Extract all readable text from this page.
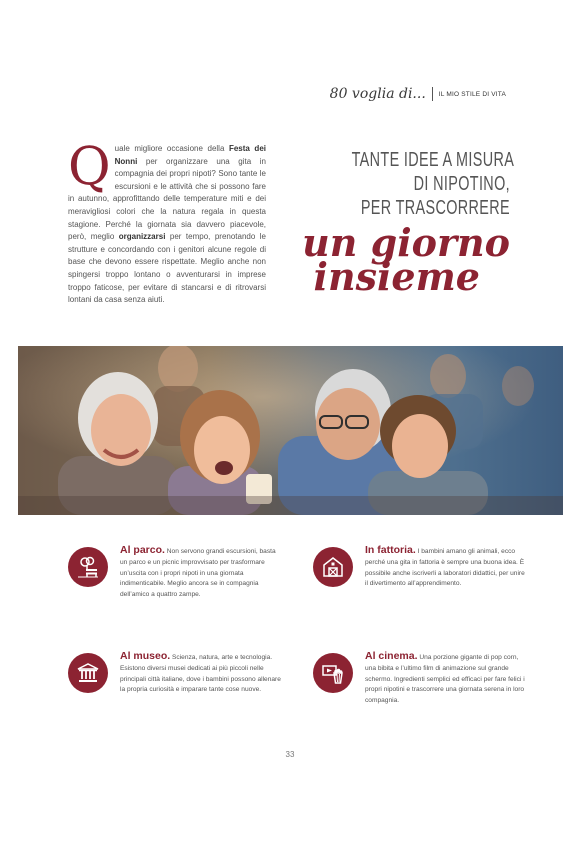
80 voglia di... IL MIO STILE DI VITA
Quale migliore occasione della Festa dei Nonni per organizzare una gita in compagnia dei propri nipoti? Sono tante le escursioni e le attività che si possono fare in autunno, approfittando delle temperature miti e dei meravigliosi colori che la natura regala in questa stagione. Perché la giornata sia davvero piacevole, però, meglio organizzarsi per tempo, prenotando le strutture e concordando con i genitori alcune regole di base che devono essere rispettate. Meglio anche non spingersi troppo lontano o avventurarsi in imprese troppo faticose, per evitare di stancarsi e di ritrovarsi lontani da casa senza aiuti.
TANTE IDEE A MISURA
DI NIPOTINO,
PER TRASCORRERE
un giorno
insieme
Al parco. Non servono grandi escursioni, basta un parco e un picnic improvvisato per trasformare un’uscita con i propri nipoti in una giornata indimenticabile. Meglio ancora se in compagnia dell’amico a quattro zampe.
In fattoria. I bambini amano gli animali, ecco perché una gita in fattoria è sempre una buona idea. È possibile anche iscriverli a laboratori didattici, per unire il divertimento all’apprendimento.
Al museo. Scienza, natura, arte e tecnologia. Esistono diversi musei dedicati ai più piccoli nelle principali città italiane, dove i bambini possono allenare la propria curiosità e imparare tante cose nuove.
Al cinema. Una porzione gigante di pop corn, una bibita e l’ultimo film di animazione sul grande schermo. Ingredienti semplici ed efficaci per fare felici i propri nipotini e trascorrere una giornata serena in loro compagnia.
33
